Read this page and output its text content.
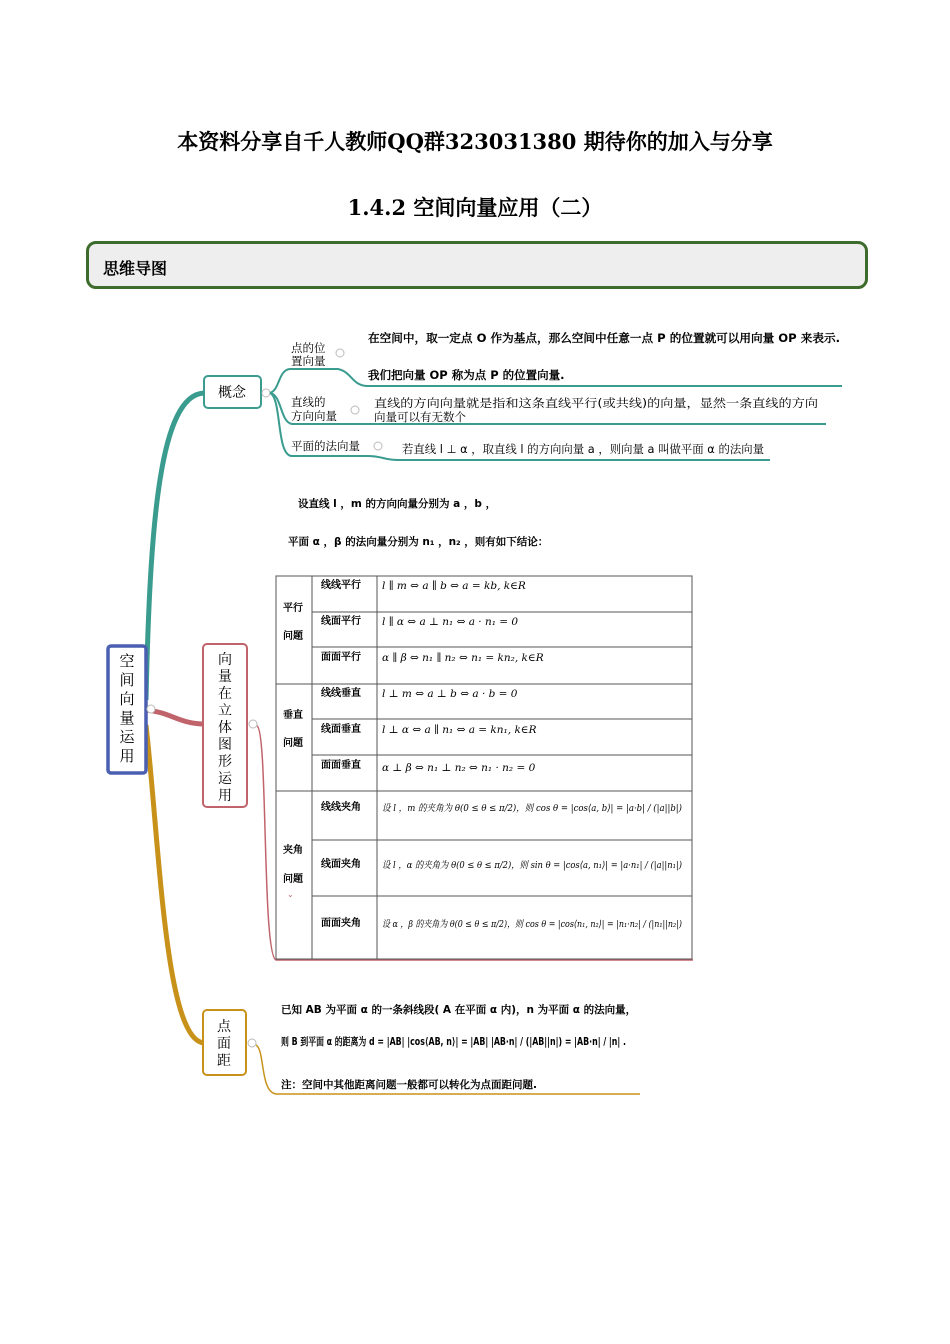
本资料分享自千人教师QQ群323031380 期待你的加入与分享
1.4.2 空间向量应用（二）
思维导图
空
间
向
量
运
用
概念
点的位
置向量
直线的
方向向量
平面的法向量
在空间中，取一定点 O 作为基点，那么空间中任意一点 P 的位置就可以用向量 OP 来表示.
我们把向量 OP 称为点 P 的位置向量.
直线的方向向量就是指和这条直线平行(或共线)的向量，显然一条直线的方向
向量可以有无数个
若直线 l ⊥ α ，取直线 l 的方向向量 a ，则向量 a 叫做平面 α 的法向量
向
量
在
立
体
图
形
运
用
设直线 l ，m 的方向向量分别为 a ，b ，
平面 α ，β 的法向量分别为 n₁ ，n₂ ，则有如下结论：
平行
问题
垂直
问题
夹角
问题
⌄
线线平行
线面平行
面面平行
线线垂直
线面垂直
面面垂直
线线夹角
线面夹角
面面夹角
l ∥ m ⇔ a ∥ b ⇔ a = kb, k∈R
l ∥ α ⇔ a ⊥ n₁ ⇔ a · n₁ = 0
α ∥ β ⇔ n₁ ∥ n₂ ⇔ n₁ = kn₂, k∈R
l ⊥ m ⇔ a ⊥ b ⇔ a · b = 0
l ⊥ α ⇔ a ∥ n₁ ⇔ a = kn₁, k∈R
α ⊥ β ⇔ n₁ ⊥ n₂ ⇔ n₁ · n₂ = 0
设 l ，m 的夹角为 θ(0 ≤ θ ≤ π/2)，则 cos θ = |cos⟨a, b⟩| = |a·b| / (|a||b|)
设 l ，α 的夹角为 θ(0 ≤ θ ≤ π/2)，则 sin θ = |cos⟨a, n₁⟩| = |a·n₁| / (|a||n₁|)
设 α ，β 的夹角为 θ(0 ≤ θ ≤ π/2)，则 cos θ = |cos⟨n₁, n₂⟩| = |n₁·n₂| / (|n₁||n₂|)
点
面
距
已知 AB 为平面 α 的一条斜线段( A 在平面 α 内)，n 为平面 α 的法向量，
则 B 到平面 α 的距离为 d = |AB| |cos⟨AB, n⟩| = |AB| |AB·n| / (|AB||n|) = |AB·n| / |n| .
注：空间中其他距离问题一般都可以转化为点面距问题.
